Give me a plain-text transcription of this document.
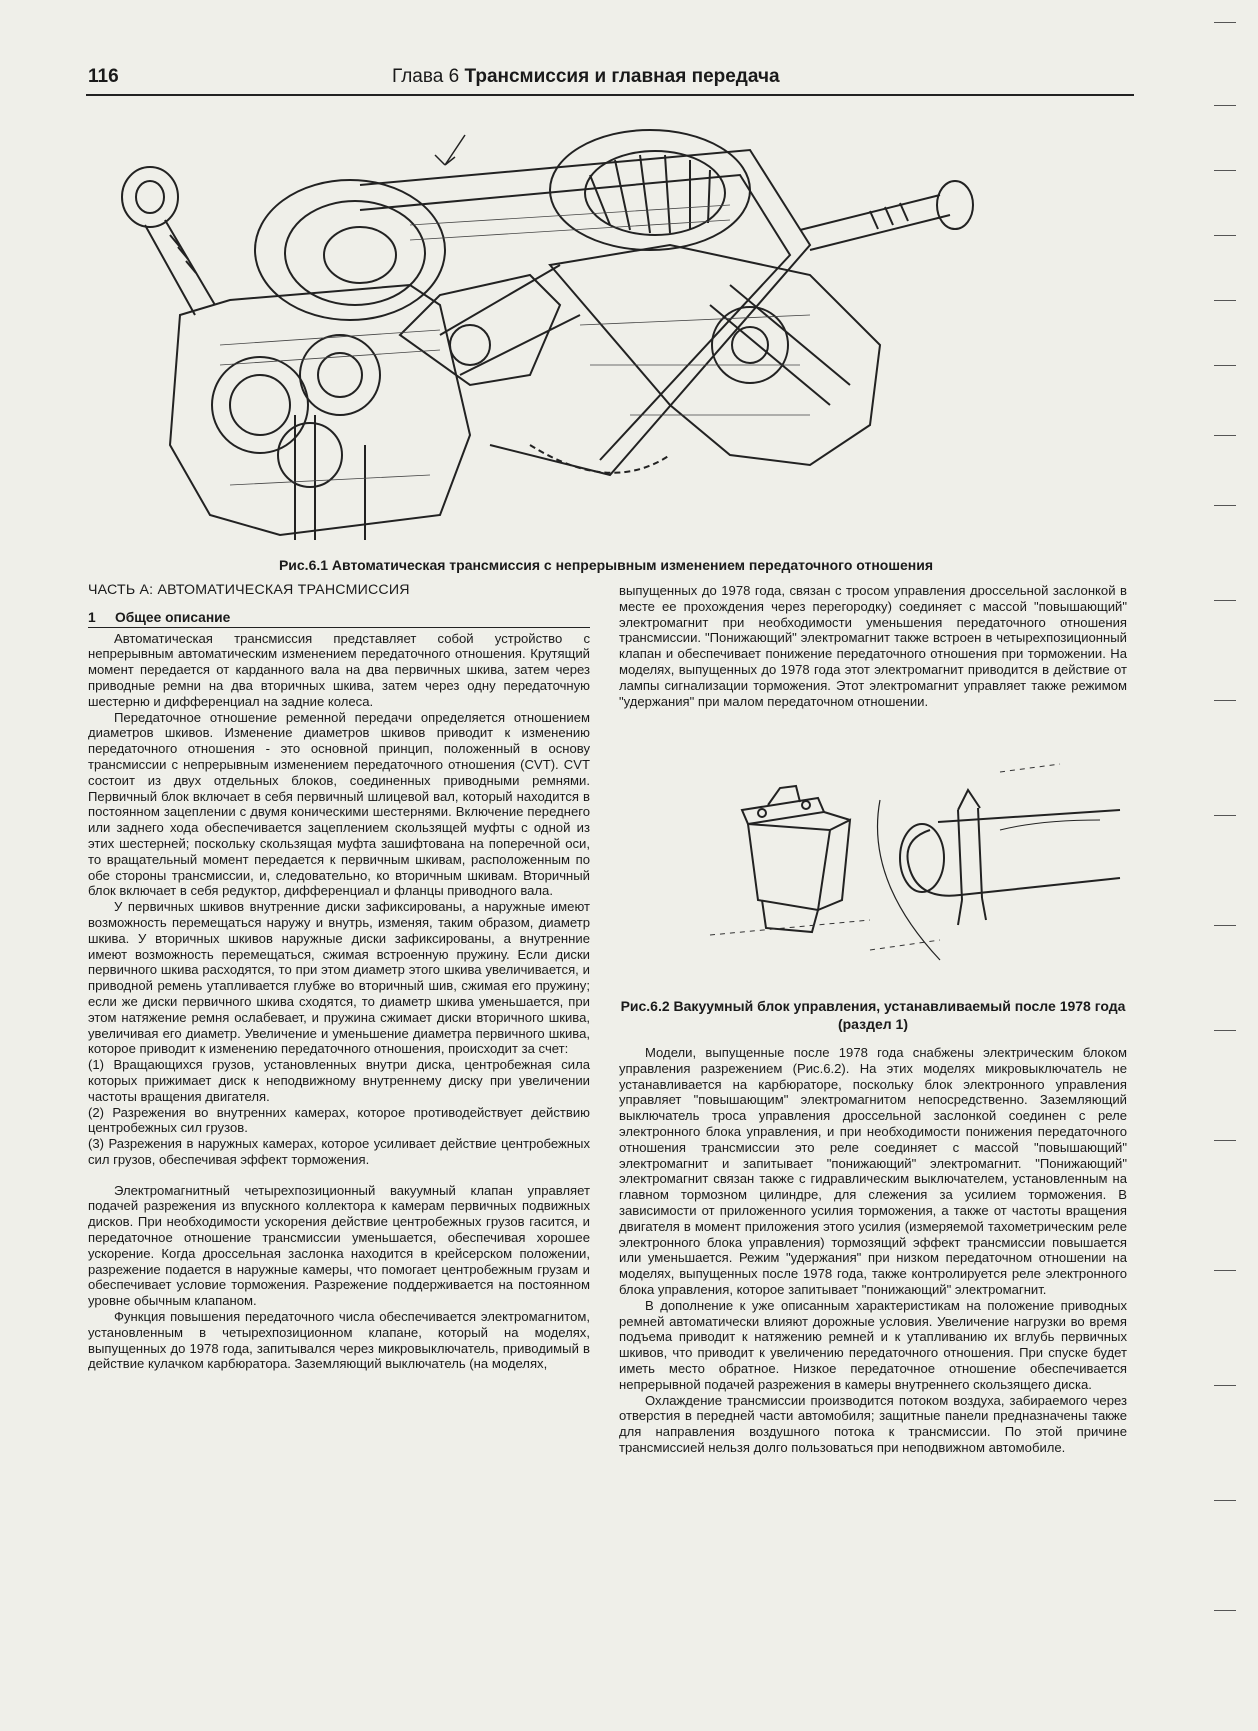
116	Глава 6 Трансмиссия и главная передача
Рис.6.1 Автоматическая трансмиссия с непрерывным изменением передаточного отношения
ЧАСТЬ А: АВТОМАТИЧЕСКАЯ ТРАНСМИССИЯ
1 Общее описание

Автоматическая трансмиссия представляет собой устройство с непрерывным автоматическим изменением передаточного отношения. Крутящий момент передается от карданного вала на два первичных шкива, затем через приводные ремни на два вторичных шкива, затем через одну передаточную шестерню и дифференциал на задние колеса.

Передаточное отношение ременной передачи определяется отношением диаметров шкивов. Изменение диаметров шкивов приводит к изменению передаточного отношения - это основной принцип, положенный в основу трансмиссии с непрерывным изменением передаточного отношения (CVT). CVT состоит из двух отдельных блоков, соединенных приводными ремнями. Первичный блок включает в себя первичный шлицевой вал, который находится в постоянном зацеплении с двумя коническими шестернями. Включение переднего или заднего хода обеспечивается зацеплением скользящей муфты с одной из этих шестерней; поскольку скользящая муфта зашифтована на поперечной оси, то вращательный момент передается к первичным шкивам, расположенным по обе стороны трансмиссии, и, следовательно, ко вторичным шкивам. Вторичный блок включает в себя редуктор, дифференциал и фланцы приводного вала.

У первичных шкивов внутренние диски зафиксированы, а наружные имеют возможность перемещаться наружу и внутрь, изменяя, таким образом, диаметр шкива. У вторичных шкивов наружные диски зафиксированы, а внутренние имеют возможность перемещаться, сжимая встроенную пружину. Если диски первичного шкива расходятся, то при этом диаметр этого шкива увеличивается, и приводной ремень утапливается глубже во вторичный шив, сжимая его пружину; если же диски первичного шкива сходятся, то диаметр шкива уменьшается, при этом натяжение ремня ослабевает, и пружина сжимает диски вторичного шкива, увеличивая его диаметр. Увеличение и уменьшение диаметра первичного шкива, которое приводит к изменению передаточного отношения, происходит за счет:

(1) Вращающихся грузов, установленных внутри диска, центробежная сила которых прижимает диск к неподвижному внутреннему диску при увеличении частоты вращения двигателя.

(2) Разрежения во внутренних камерах, которое противодействует действию центробежных сил грузов.

(3) Разрежения в наружных камерах, которое усиливает действие центробежных сил грузов, обеспечивая эффект торможения.

Электромагнитный четырехпозиционный вакуумный клапан управляет подачей разрежения из впускного коллектора к камерам первичных подвижных дисков. При необходимости ускорения действие центробежных грузов гасится, и передаточное отношение трансмиссии уменьшается, обеспечивая хорошее ускорение. Когда дроссельная заслонка находится в крейсерском положении, разрежение подается в наружные камеры, что помогает центробежным грузам и обеспечивает условие торможения. Разрежение поддерживается на постоянном уровне обычным клапаном.

Функция повышения передаточного числа обеспечивается электромагнитом, установленным в четырехпозиционном клапане, который на моделях, выпущенных до 1978 года, запитывался через микровыключатель, приводимый в действие кулачком карбюратора. Заземляющий выключатель (на моделях,

выпущенных до 1978 года, связан с тросом управления дроссельной заслонкой в месте ее прохождения через перегородку) соединяет с массой "повышающий" электромагнит при необходимости уменьшения передаточного отношения трансмиссии. "Понижающий" электромагнит также встроен в четырехпозиционный клапан и обеспечивает понижение передаточного отношения при торможении. На моделях, выпущенных до 1978 года этот электромагнит приводится в действие от лампы сигнализации торможения. Этот электромагнит управляет также режимом "удержания" при малом передаточном отношении.

Рис.6.2 Вакуумный блок управления, устанавливаемый после 1978 года (раздел 1)

Модели, выпущенные после 1978 года снабжены электрическим блоком управления разрежением (Рис.6.2). На этих моделях микровыключатель не устанавливается на карбюраторе, поскольку блок электронного управления управляет "повышающим" электромагнитом непосредственно. Заземляющий выключатель троса управления дроссельной заслонкой соединен с реле электронного блока управления, и при необходимости понижения передаточного отношения трансмиссии это реле соединяет с массой "повышающий" электромагнит и запитывает "понижающий" электромагнит. "Понижающий" электромагнит связан также с гидравлическим выключателем, установленным на главном тормозном цилиндре, для слежения за усилием торможения. В зависимости от приложенного усилия торможения, а также от частоты вращения двигателя в момент приложения этого усилия (измеряемой тахометрическим реле электронного блока управления) тормозящий эффект трансмиссии повышается или уменьшается. Режим "удержания" при низком передаточном отношении на моделях, выпущенных после 1978 года, также контролируется реле электронного блока управления, которое запитывает "понижающий" электромагнит.

В дополнение к уже описанным характеристикам на положение приводных ремней автоматически влияют дорожные условия. Увеличение нагрузки во время подъема приводит к натяжению ремней и к утапливанию их вглубь первичных шкивов, что приводит к увеличению передаточного отношения. При спуске будет иметь место обратное. Низкое передаточное отношение обеспечивается непрерывной подачей разрежения в камеры внутреннего скользящего диска.

Охлаждение трансмиссии производится потоком воздуха, забираемого через отверстия в передней части автомобиля; защитные панели предназначены также для направления воздушного потока к трансмиссии. По этой причине трансмиссией нельзя долго пользоваться при неподвижном автомобиле.
